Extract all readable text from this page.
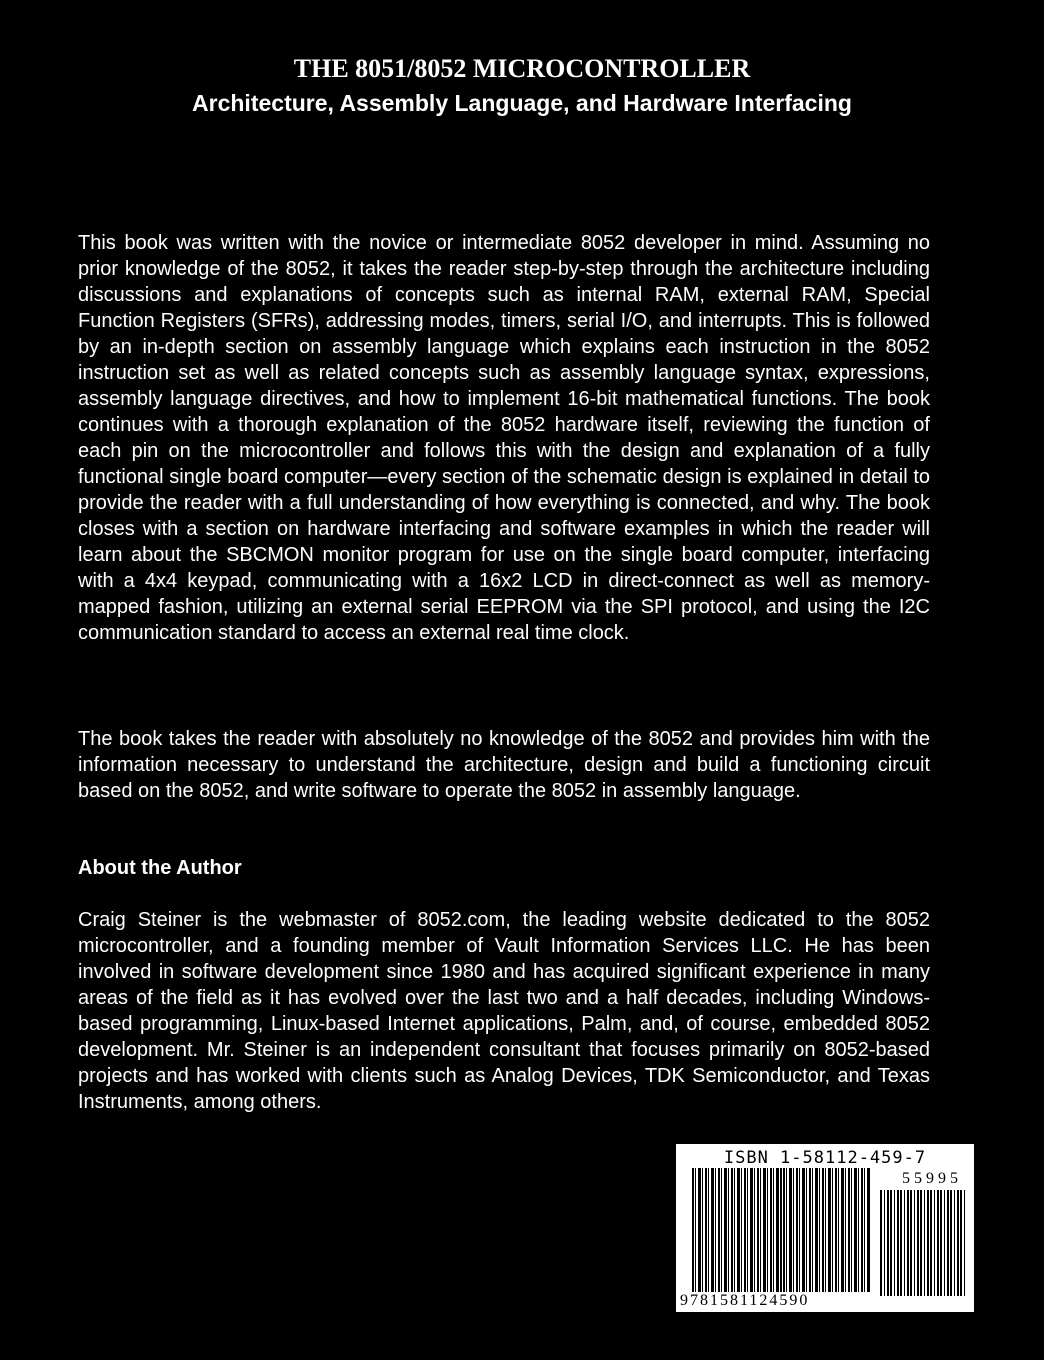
THE 8051/8052 MICROCONTROLLER
Architecture, Assembly Language, and Hardware Interfacing

This book was written with the novice or intermediate 8052 developer in mind. Assuming no prior knowledge of the 8052, it takes the reader step-by-step through the architecture including discussions and explanations of concepts such as internal RAM, external RAM, Special Function Registers (SFRs), addressing modes, timers, serial I/O, and interrupts. This is followed by an in-depth section on assembly language which explains each instruction in the 8052 instruction set as well as related concepts such as assembly language syntax, expressions, assembly language directives, and how to implement 16-bit mathematical functions. The book continues with a thorough explanation of the 8052 hardware itself, reviewing the function of each pin on the microcontroller and follows this with the design and explanation of a fully functional single board computer—every section of the schematic design is explained in detail to provide the reader with a full understanding of how everything is connected, and why. The book closes with a section on hardware interfacing and software examples in which the reader will learn about the SBCMON monitor program for use on the single board computer, interfacing with a 4x4 keypad, communicating with a 16x2 LCD in direct-connect as well as memory-mapped fashion, utilizing an external serial EEPROM via the SPI protocol, and using the I2C communication standard to access an external real time clock.

The book takes the reader with absolutely no knowledge of the 8052 and provides him with the information necessary to understand the architecture, design and build a functioning circuit based on the 8052, and write software to operate the 8052 in assembly language.

About the Author

Craig Steiner is the webmaster of 8052.com, the leading website dedicated to the 8052 microcontroller, and a founding member of Vault Information Services LLC. He has been involved in software development since 1980 and has acquired significant experience in many areas of the field as it has evolved over the last two and a half decades, including Windows-based programming, Linux-based Internet applications, Palm, and, of course, embedded 8052 development. Mr. Steiner is an independent consultant that focuses primarily on 8052-based projects and has worked with clients such as Analog Devices, TDK Semiconductor, and Texas Instruments, among others.

ISBN 1-58112-459-7
55995
9781581124590
